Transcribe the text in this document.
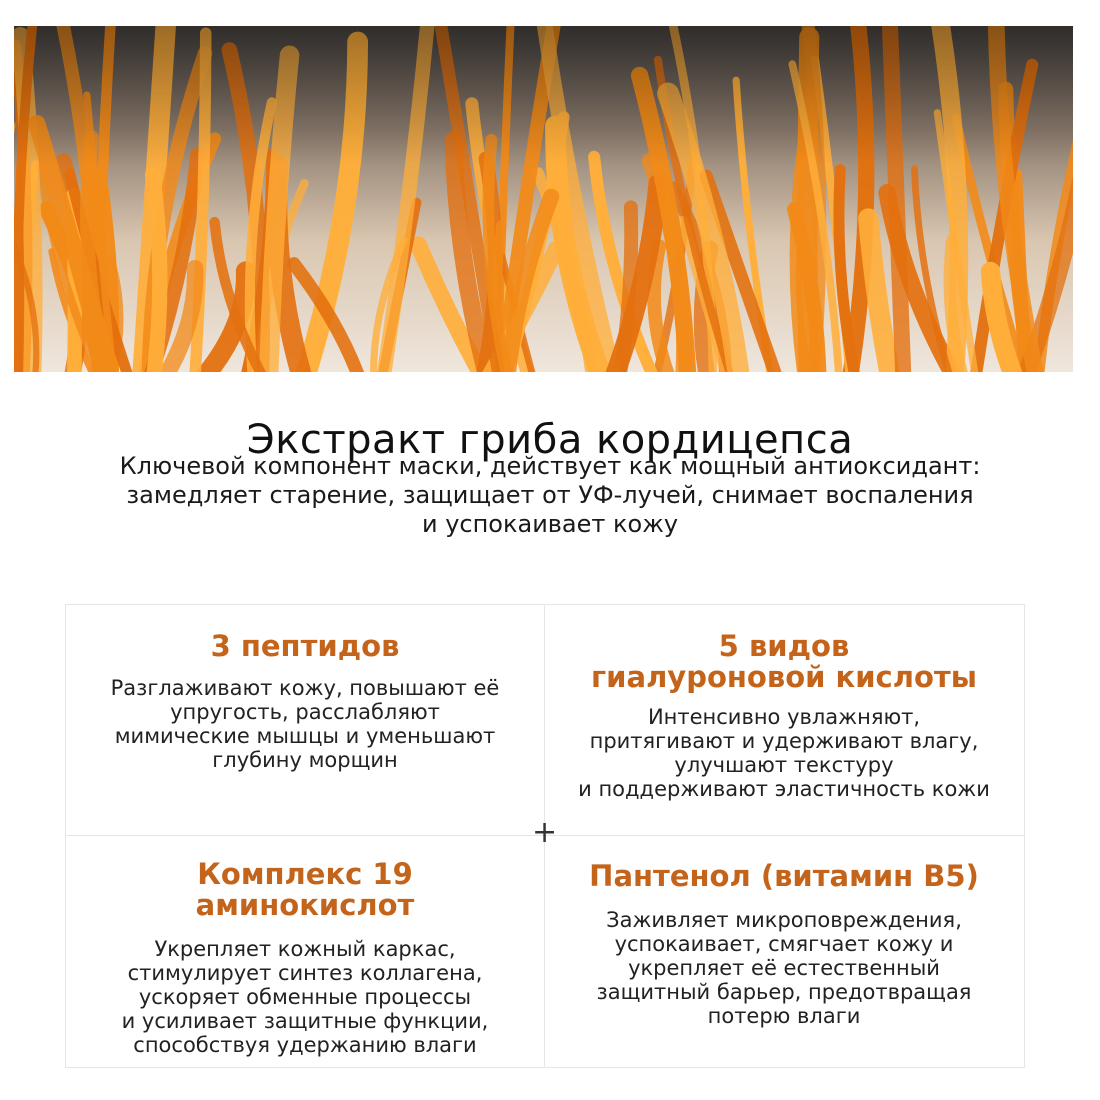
Экстракт гриба кордицепса
Ключевой компонент маски, действует как мощный антиоксидант:
замедляет старение, защищает от УФ-лучей, снимает воспаления
и успокаивает кожу
+
3 пептидов

Разглаживают кожу, повышают её
упругость, расслабляют
мимические мышцы и уменьшают
глубину морщин

5 видов
гиалуроновой кислоты

Интенсивно увлажняют,
притягивают и удерживают влагу,
улучшают текстуру
и поддерживают эластичность кожи

Комплекс 19
аминокислот

Укрепляет кожный каркас,
стимулирует синтез коллагена,
ускоряет обменные процессы
и усиливает защитные функции,
способствуя удержанию влаги

Пантенол (витамин В5)

Заживляет микроповреждения,
успокаивает, смягчает кожу и
укрепляет её естественный
защитный барьер, предотвращая
потерю влаги
